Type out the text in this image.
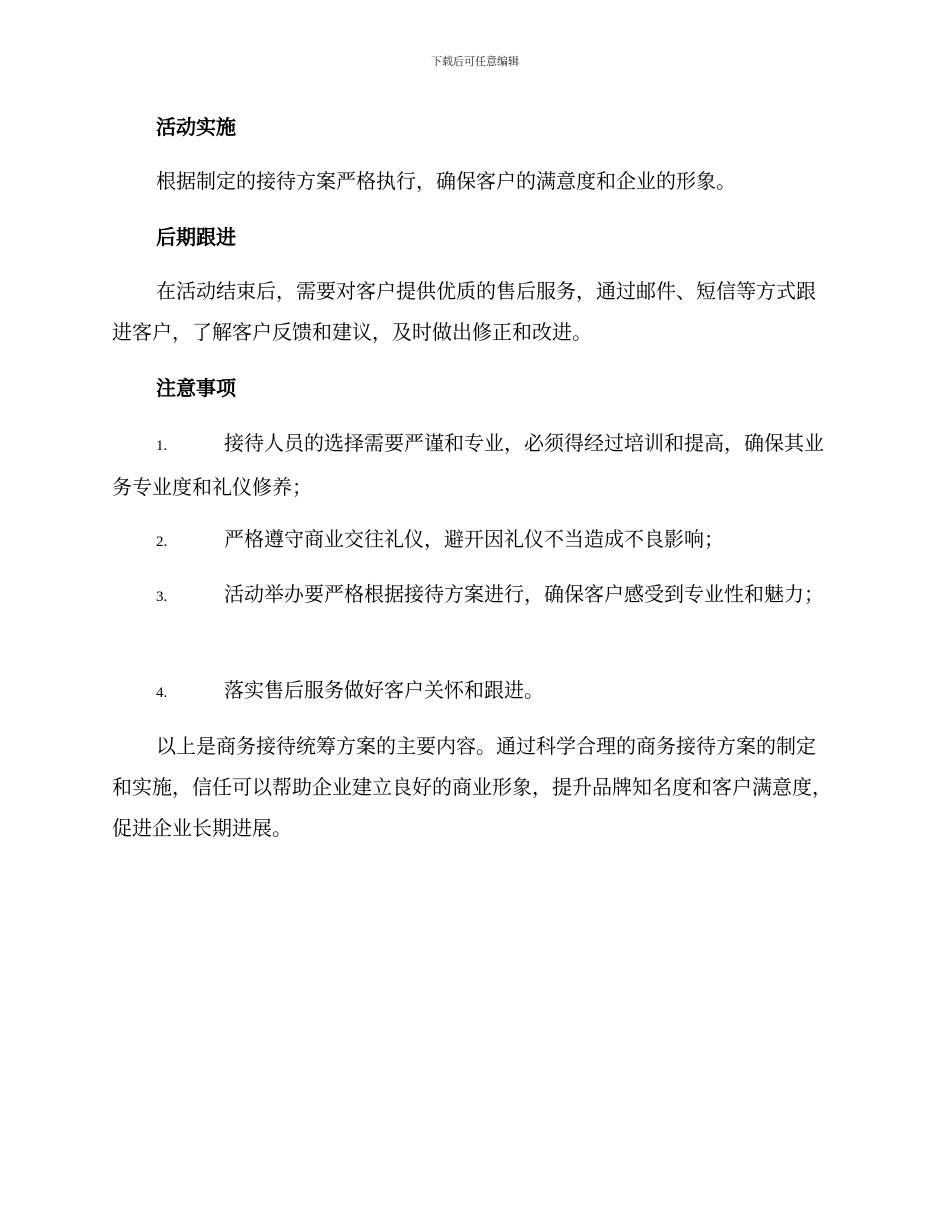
下载后可任意编辑
活动实施
根据制定的接待方案严格执行，确保客户的满意度和企业的形象。
后期跟进
在活动结束后，需要对客户提供优质的售后服务，通过邮件、短信等方式跟进客户，了解客户反馈和建议，及时做出修正和改进。
注意事项
1.	接待人员的选择需要严谨和专业，必须得经过培训和提高，确保其业务专业度和礼仪修养；
2.	严格遵守商业交往礼仪，避开因礼仪不当造成不良影响；
3.	活动举办要严格根据接待方案进行，确保客户感受到专业性和魅力；
4.	落实售后服务做好客户关怀和跟进。
以上是商务接待统筹方案的主要内容。通过科学合理的商务接待方案的制定和实施，信任可以帮助企业建立良好的商业形象，提升品牌知名度和客户满意度，促进企业长期进展。
